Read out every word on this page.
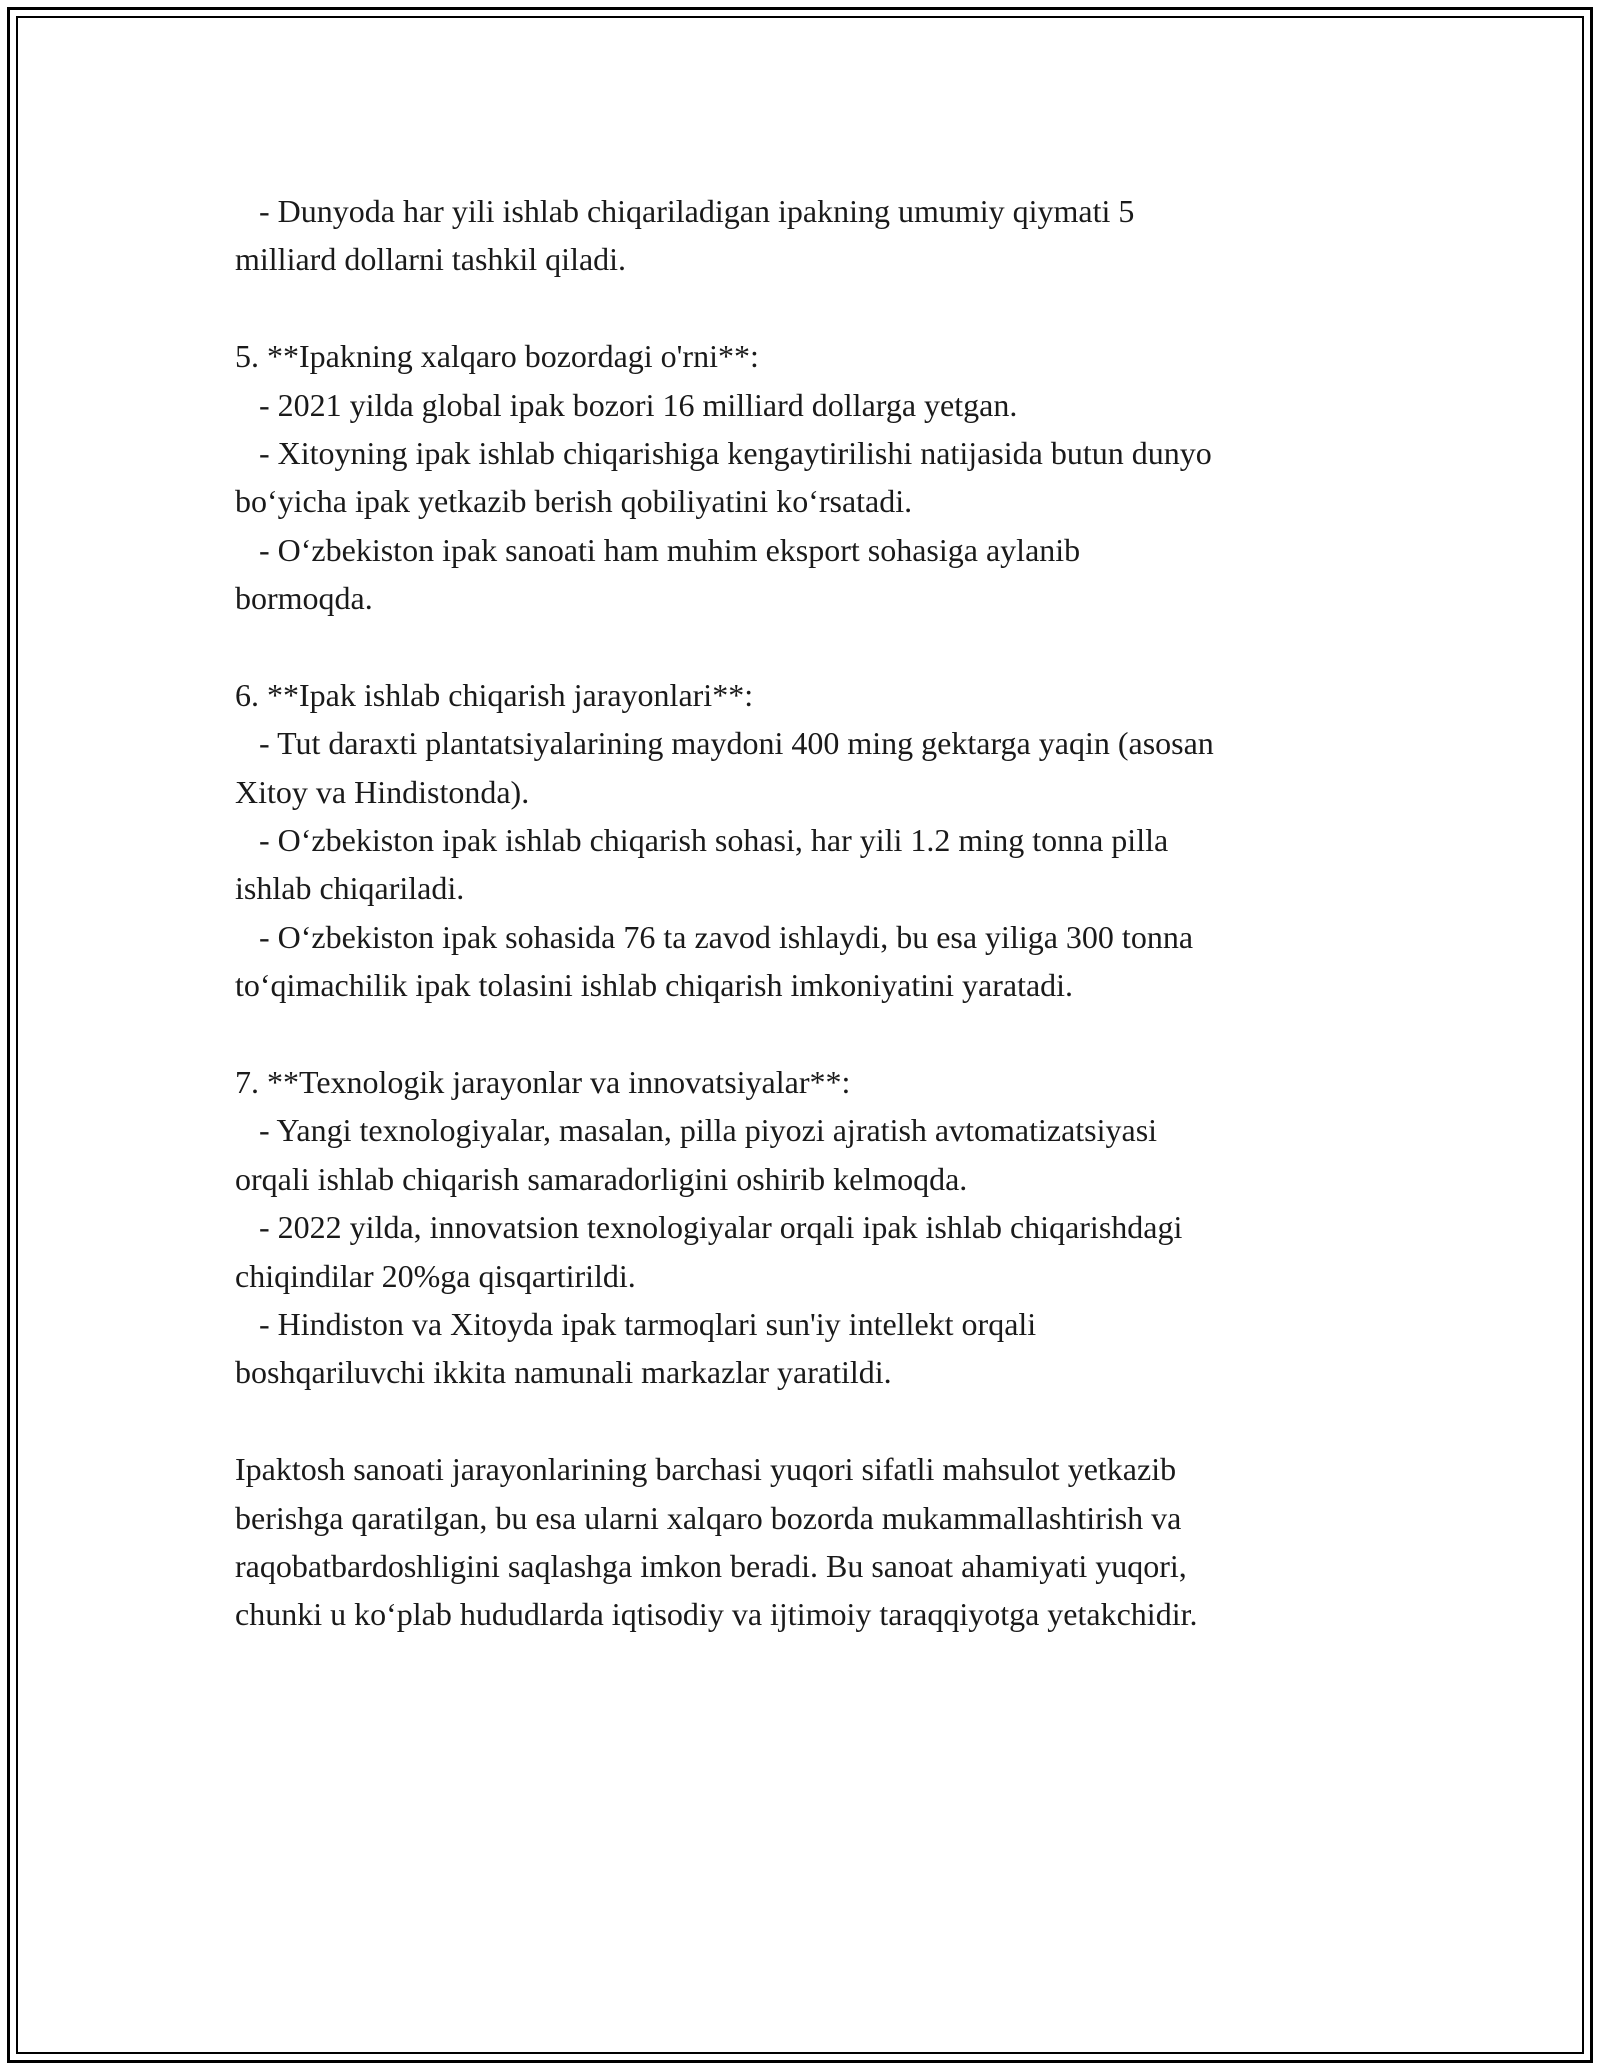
- Dunyoda har yili ishlab chiqariladigan ipakning umumiy qiymati 5
milliard dollarni tashkil qiladi.
5. **Ipakning xalqaro bozordagi o'rni**:
- 2021 yilda global ipak bozori 16 milliard dollarga yetgan.
- Xitoyning ipak ishlab chiqarishiga kengaytirilishi natijasida butun dunyo
bo‘yicha ipak yetkazib berish qobiliyatini ko‘rsatadi.
- O‘zbekiston ipak sanoati ham muhim eksport sohasiga aylanib
bormoqda.
6. **Ipak ishlab chiqarish jarayonlari**:
- Tut daraxti plantatsiyalarining maydoni 400 ming gektarga yaqin (asosan
Xitoy va Hindistonda).
- O‘zbekiston ipak ishlab chiqarish sohasi, har yili 1.2 ming tonna pilla
ishlab chiqariladi.
- O‘zbekiston ipak sohasida 76 ta zavod ishlaydi, bu esa yiliga 300 tonna
to‘qimachilik ipak tolasini ishlab chiqarish imkoniyatini yaratadi.
7. **Texnologik jarayonlar va innovatsiyalar**:
- Yangi texnologiyalar, masalan, pilla piyozi ajratish avtomatizatsiyasi
orqali ishlab chiqarish samaradorligini oshirib kelmoqda.
- 2022 yilda, innovatsion texnologiyalar orqali ipak ishlab chiqarishdagi
chiqindilar 20%ga qisqartirildi.
- Hindiston va Xitoyda ipak tarmoqlari sun'iy intellekt orqali
boshqariluvchi ikkita namunali markazlar yaratildi.
Ipaktosh sanoati jarayonlarining barchasi yuqori sifatli mahsulot yetkazib
berishga qaratilgan, bu esa ularni xalqaro bozorda mukammallashtirish va
raqobatbardoshligini saqlashga imkon beradi. Bu sanoat ahamiyati yuqori,
chunki u ko‘plab hududlarda iqtisodiy va ijtimoiy taraqqiyotga yetakchidir.
